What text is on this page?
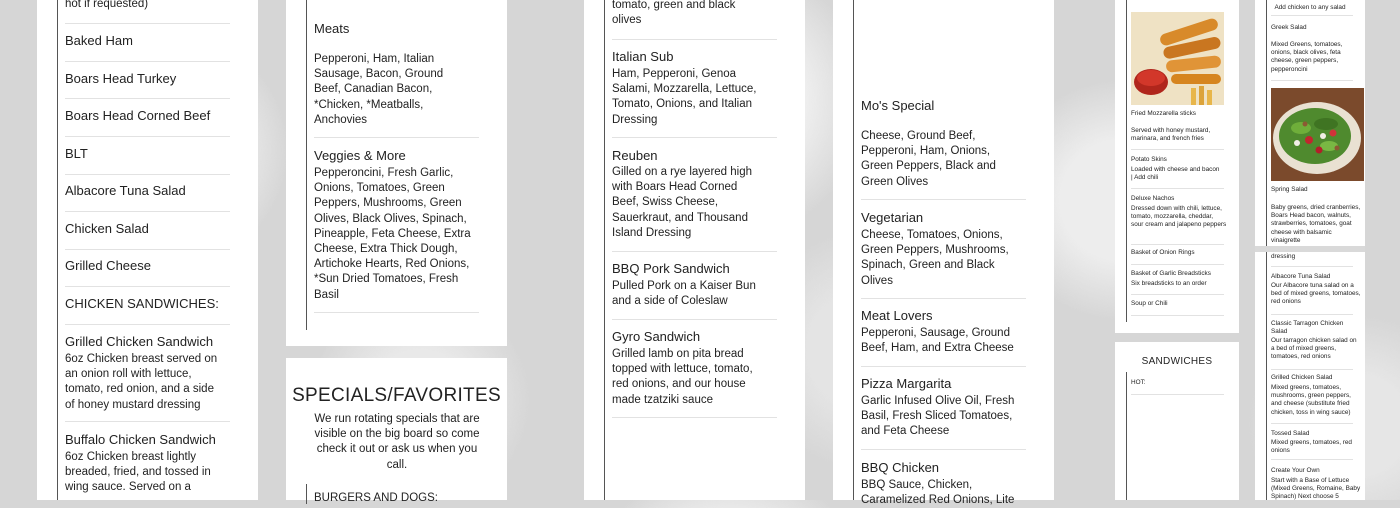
hot if requested)
Baked Ham
Boars Head Turkey
Boars Head Corned Beef
BLT
Albacore Tuna Salad
Chicken Salad
Grilled Cheese
CHICKEN SANDWICHES:
Grilled Chicken Sandwich
6oz Chicken breast served on an onion roll with lettuce, tomato, red onion, and a side of honey mustard dressing
Buffalo Chicken Sandwich
6oz Chicken breast lightly breaded, fried, and tossed in wing sauce. Served on a
Meats
Pepperoni, Ham, Italian Sausage, Bacon, Ground Beef, Canadian Bacon, *Chicken, *Meatballs, Anchovies
Veggies & More
Pepperoncini, Fresh Garlic, Onions, Tomatoes, Green Peppers, Mushrooms, Green Olives, Black Olives, Spinach, Pineapple, Feta Cheese, Extra Cheese, Extra Thick Dough, Artichoke Hearts, Red Onions, *Sun Dried Tomatoes, Fresh Basil
SPECIALS/FAVORITES
We run rotating specials that are visible on the big board so come check it out or ask us when you call.
BURGERS AND DOGS:
tomato, green and black olives
Italian Sub
Ham, Pepperoni, Genoa Salami, Mozzarella, Lettuce, Tomato, Onions, and Italian Dressing
Reuben
Gilled on a rye layered high with Boars Head Corned Beef, Swiss Cheese, Sauerkraut, and Thousand Island Dressing
BBQ Pork Sandwich
Pulled Pork on a Kaiser Bun and a side of Coleslaw
Gyro Sandwich
Grilled lamb on pita bread topped with lettuce, tomato, red onions, and our house made tzatziki sauce
Mo's Special
Cheese, Ground Beef, Pepperoni, Ham, Onions, Green Peppers, Black and Green Olives
Vegetarian
Cheese, Tomatoes, Onions, Green Peppers, Mushrooms, Spinach, Green and Black Olives
Meat Lovers
Pepperoni, Sausage, Ground Beef, Ham, and Extra Cheese
Pizza Margarita
Garlic Infused Olive Oil, Fresh Basil, Fresh Sliced Tomatoes, and Feta Cheese
BBQ Chicken
BBQ Sauce, Chicken, Caramelized Red Onions, Lite
Fried Mozzarella sticks
Served with honey mustard, marinara, and french fries
Potato Skins
Loaded with cheese and bacon | Add chili
Deluxe Nachos
Dressed down with chili, lettuce, tomato, mozzarella, cheddar, sour cream and jalapeno peppers
Basket of Onion Rings
Basket of Garlic Breadsticks
Six breadsticks to an order
Soup or Chili
SANDWICHES
HOT:
Add chicken to any salad
Greek Salad
Mixed Greens, tomatoes, onions, black olives, feta cheese, green peppers, pepperoncini
Spring Salad
Baby greens, dried cranberries, Boars Head bacon, walnuts, strawberries, tomatoes, goat cheese with balsamic vinaigrette
dressing
Albacore Tuna Salad
Our Albacore tuna salad on a bed of mixed greens, tomatoes, red onions
Classic Tarragon Chicken Salad
Our tarragon chicken salad on a bed of mixed greens, tomatoes, red onions
Grilled Chicken Salad
Mixed greens, tomatoes, mushrooms, green peppers, and cheese (substitute fried chicken, toss in wing sauce)
Tossed Salad
Mixed greens, tomatoes, red onions
Create Your Own
Start with a Base of Lettuce (Mixed Greens, Romaine, Baby Spinach) Next choose 5
